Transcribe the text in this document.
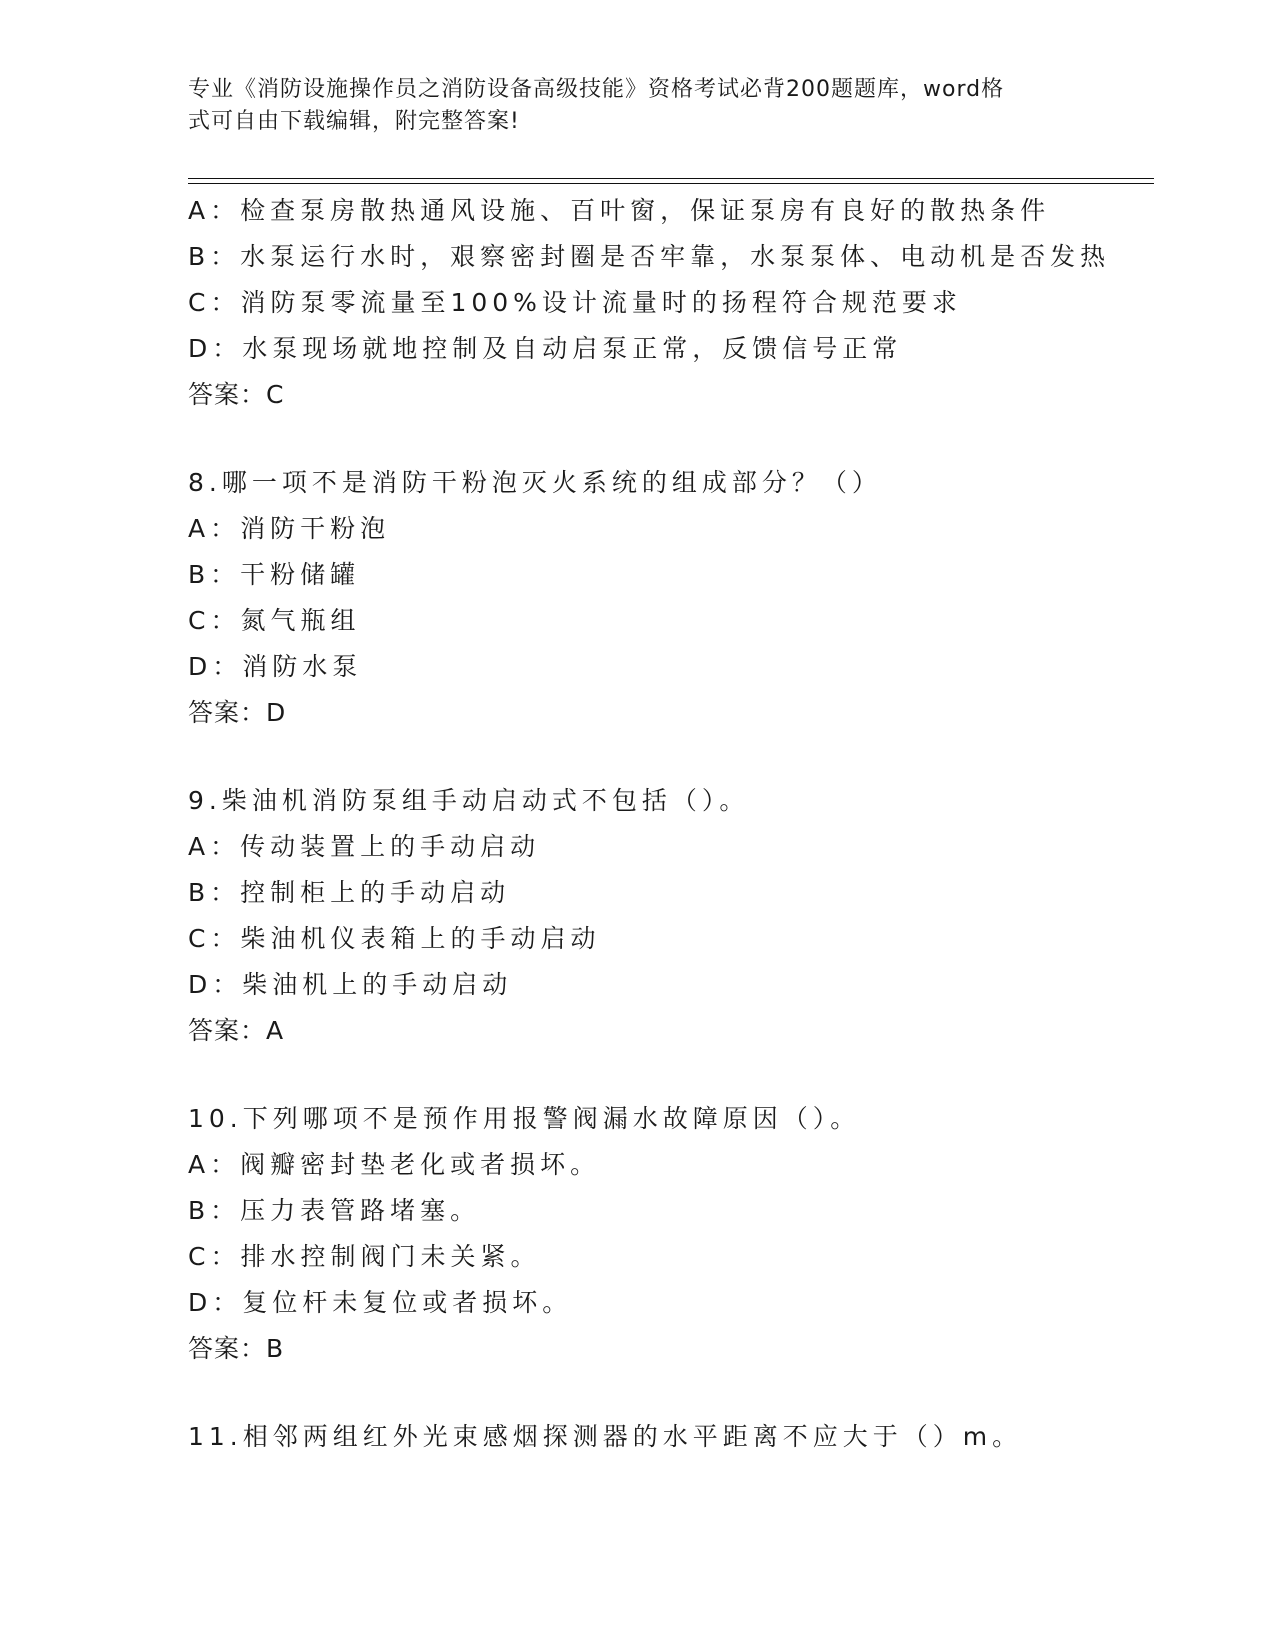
专业《消防设施操作员之消防设备高级技能》资格考试必背200题题库，word格
式可自由下载编辑，附完整答案!
A：检查泵房散热通风设施、百叶窗，保证泵房有良好的散热条件
B：水泵运行水时，艰察密封圈是否牢靠，水泵泵体、电动机是否发热
C：消防泵零流量至100%设计流量时的扬程符合规范要求
D：水泵现场就地控制及自动启泵正常，反馈信号正常
答案：C
8.哪一项不是消防干粉泡灭火系统的组成部分？（）
A：消防干粉泡
B：干粉储罐
C：氮气瓶组
D：消防水泵
答案：D
9.柴油机消防泵组手动启动式不包括（）。
A：传动装置上的手动启动
B：控制柜上的手动启动
C：柴油机仪表箱上的手动启动
D：柴油机上的手动启动
答案：A
10.下列哪项不是预作用报警阀漏水故障原因（）。
A：阀瓣密封垫老化或者损坏。
B：压力表管路堵塞。
C：排水控制阀门未关紧。
D：复位杆未复位或者损坏。
答案：B
11.相邻两组红外光束感烟探测器的水平距离不应大于（）m。
